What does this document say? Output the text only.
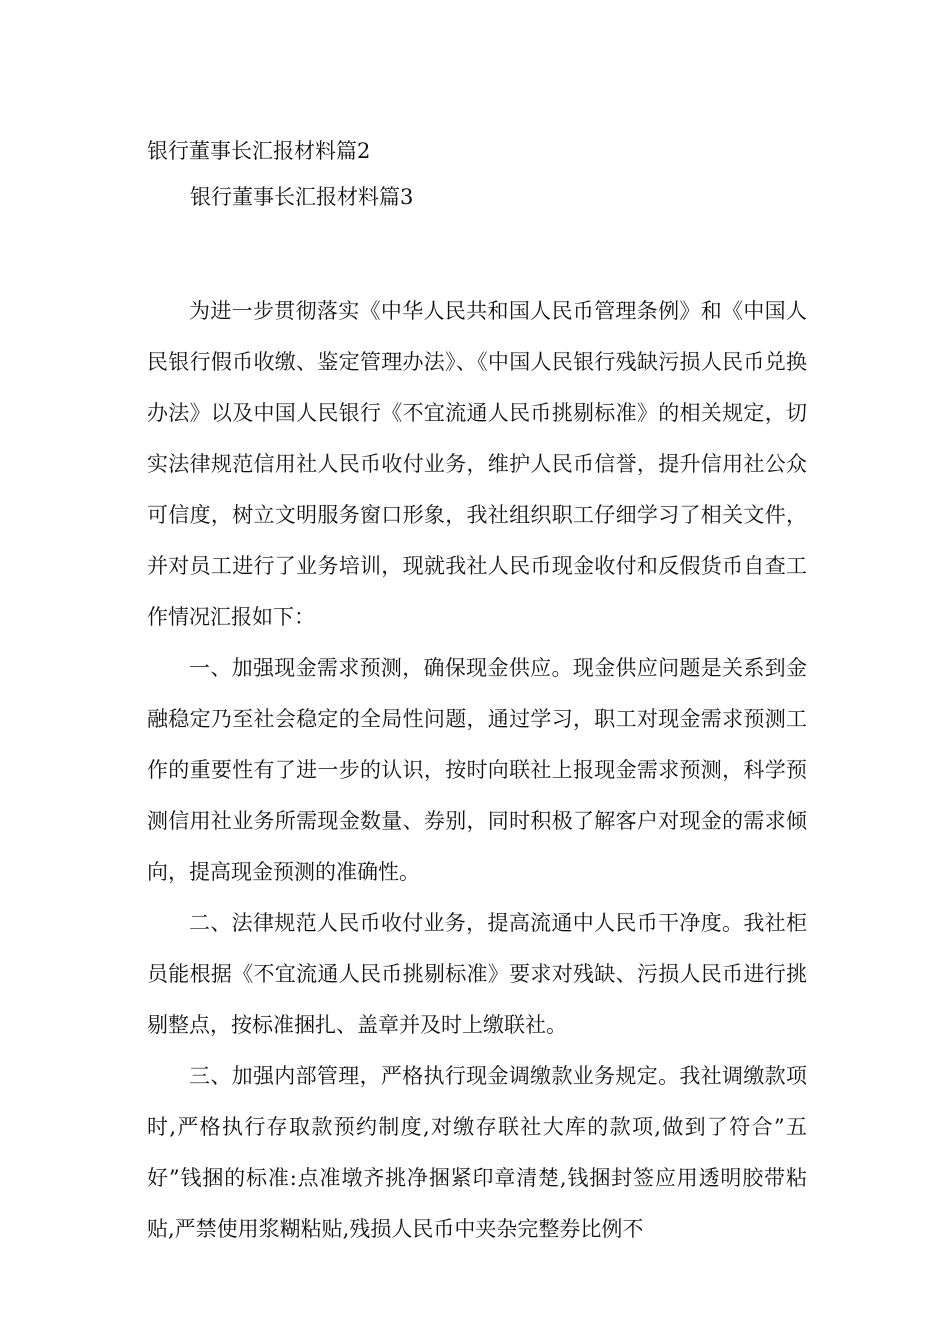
银行董事长汇报材料篇2
银行董事长汇报材料篇3

为进一步贯彻落实《中华人民共和国人民币管理条例》和《中国人民银行假币收缴、鉴定管理办法》、《中国人民银行残缺污损人民币兑换办法》以及中国人民银行《不宜流通人民币挑剔标准》的相关规定，切实法律规范信用社人民币收付业务，维护人民币信誉，提升信用社公众可信度，树立文明服务窗口形象，我社组织职工仔细学习了相关文件，并对员工进行了业务培训，现就我社人民币现金收付和反假货币自查工作情况汇报如下：

一、加强现金需求预测，确保现金供应。现金供应问题是关系到金融稳定乃至社会稳定的全局性问题，通过学习，职工对现金需求预测工作的重要性有了进一步的认识，按时向联社上报现金需求预测，科学预测信用社业务所需现金数量、券别，同时积极了解客户对现金的需求倾向，提高现金预测的准确性。

二、法律规范人民币收付业务，提高流通中人民币干净度。我社柜员能根据《不宜流通人民币挑剔标准》要求对残缺、污损人民币进行挑剔整点，按标准捆扎、盖章并及时上缴联社。

三、加强内部管理，严格执行现金调缴款业务规定。我社调缴款项时,严格执行存取款预约制度,对缴存联社大库的款项,做到了符合”五好”钱捆的标准:点准墩齐挑净捆紧印章清楚,钱捆封签应用透明胶带粘贴,严禁使用浆糊粘贴,残损人民币中夹杂完整券比例不
